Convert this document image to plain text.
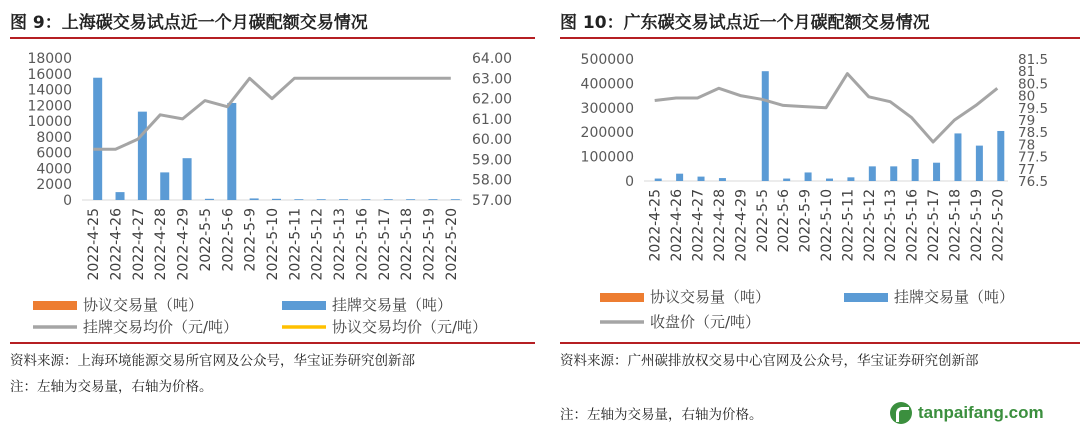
图 9：上海碳交易试点近一个月碳配额交易情况
0
2000
4000
6000
8000
10000
12000
14000
16000
18000
57.00
58.00
59.00
60.00
61.00
62.00
63.00
64.00
2022-4-25 2022-4-26 2022-4-27 2022-4-28 2022-4-29 2022-5-5 2022-5-6 2022-5-9 2022-5-10 2022-5-11 2022-5-12 2022-5-13 2022-5-16 2022-5-17 2022-5-18 2022-5-19 2022-5-20
协议交易量（吨）	挂牌交易量（吨）
挂牌交易均价（元/吨）	协议交易均价（元/吨）
资料来源：上海环境能源交易所官网及公众号，华宝证券研究创新部
注：左轴为交易量，右轴为价格。
图 10：广东碳交易试点近一个月碳配额交易情况
0
100000
200000
300000
400000
500000
76.5
77
77.5
78
78.5
79
79.5
80
80.5
81
81.5
2022-4-25 2022-4-26 2022-4-27 2022-4-28 2022-4-29 2022-5-5 2022-5-6 2022-5-9 2022-5-10 2022-5-11 2022-5-12 2022-5-13 2022-5-16 2022-5-17 2022-5-18 2022-5-19 2022-5-20
协议交易量（吨）	挂牌交易量（吨）
收盘价（元/吨）
资料来源：广州碳排放权交易中心官网及公众号，华宝证券研究创新部
注：左轴为交易量，右轴为价格。	tanpaifang.com
